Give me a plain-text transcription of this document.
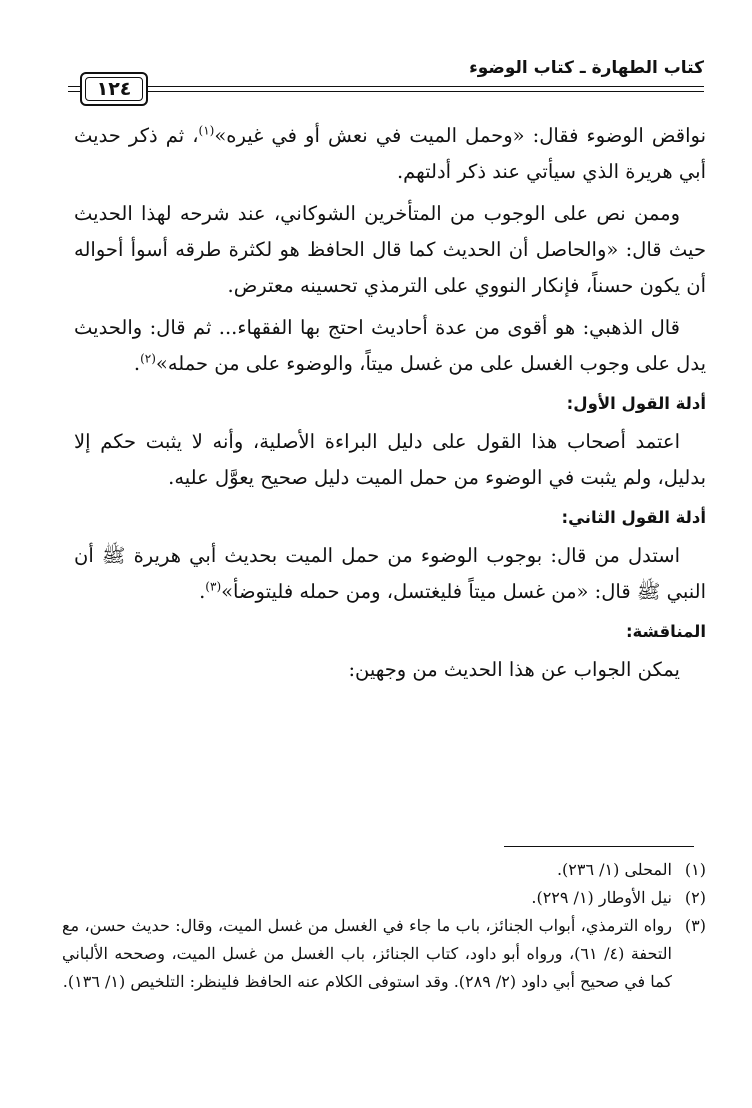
كتاب الطهارة ـ كتاب الوضوء
١٢٤

نواقض الوضوء فقال: «وحمل الميت في نعش أو في غيره»$^{(١)}$، ثم ذكر حديث أبي هريرة الذي سيأتي عند ذكر أدلتهم.

وممن نص على الوجوب من المتأخرين الشوكاني، عند شرحه لهذا الحديث حيث قال: «والحاصل أن الحديث كما قال الحافظ هو لكثرة طرقه أسوأ أحواله أن يكون حسناً، فإنكار النووي على الترمذي تحسينه معترض.

قال الذهبي: هو أقوى من عدة أحاديث احتج بها الفقهاء... ثم قال: والحديث يدل على وجوب الغسل على من غسل ميتاً، والوضوء على من حمله»$^{(٢)}$.

أدلة القول الأول:

اعتمد أصحاب هذا القول على دليل البراءة الأصلية، وأنه لا يثبت حكم إلا بدليل، ولم يثبت في الوضوء من حمل الميت دليل صحيح يعوَّل عليه.

أدلة القول الثاني:

استدل من قال: بوجوب الوضوء من حمل الميت بحديث أبي هريرة ﷺ أن النبي ﷺ قال: «من غسل ميتاً فليغتسل، ومن حمله فليتوضأ»$^{(٣)}$.

المناقشة:

يمكن الجواب عن هذا الحديث من وجهين:

(١)
المحلى (١/ ٢٣٦).
(٢)
نيل الأوطار (١/ ٢٢٩).
(٣)
رواه الترمذي، أبواب الجنائز، باب ما جاء في الغسل من غسل الميت، وقال: حديث حسن، مع التحفة (٤/ ٦١)، ورواه أبو داود، كتاب الجنائز، باب الغسل من غسل الميت، وصححه الألباني كما في صحيح أبي داود (٢/ ٢٨٩). وقد استوفى الكلام عنه الحافظ فلينظر: التلخيص (١/ ١٣٦).
